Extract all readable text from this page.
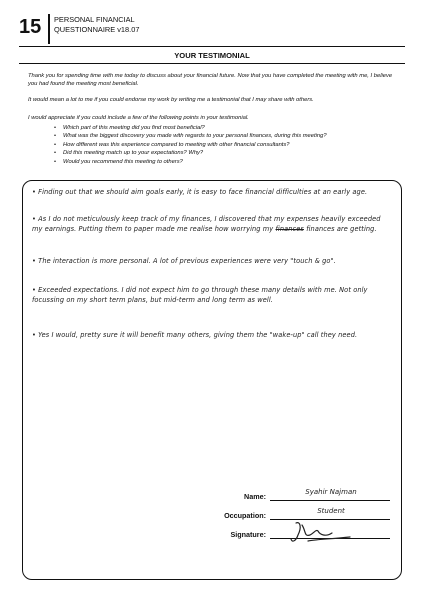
15 PERSONAL FINANCIAL
QUESTIONNAIRE v18.07
YOUR TESTIMONIAL
Thank you for spending time with me today to discuss about your financial future. Now that you have completed the meeting with me, I believe you had found the meeting most beneficial.
It would mean a lot to me if you could endorse my work by writing me a testimonial that I may share with others.
I would appreciate if you could include a few of the following points in your testimonial.
• Which part of this meeting did you find most beneficial?
• What was the biggest discovery you made with regards to your personal finances, during this meeting?
• How different was this experience compared to meeting with other financial consultants?
• Did this meeting match up to your expectations? Why?
• Would you recommend this meeting to others?
• Finding out that we should aim goals early, it is easy to face financial difficulties at an early age.
• As I do not meticulously keep track of my finances, I discovered that my expenses heavily exceeded my earnings. Putting them to paper made me realise how worrying my finances finances are getting.
• The interaction is more personal. A lot of previous experiences were very "touch & go".
• Exceeded expectations. I did not expect him to go through these many details with me. Not only focussing on my short term plans, but mid-term and long term as well.
• Yes I would, pretty sure it will benefit many others, giving them the "wake-up" call they need.
Name:	Syahir Najman
Occupation:	Student
Signature:
